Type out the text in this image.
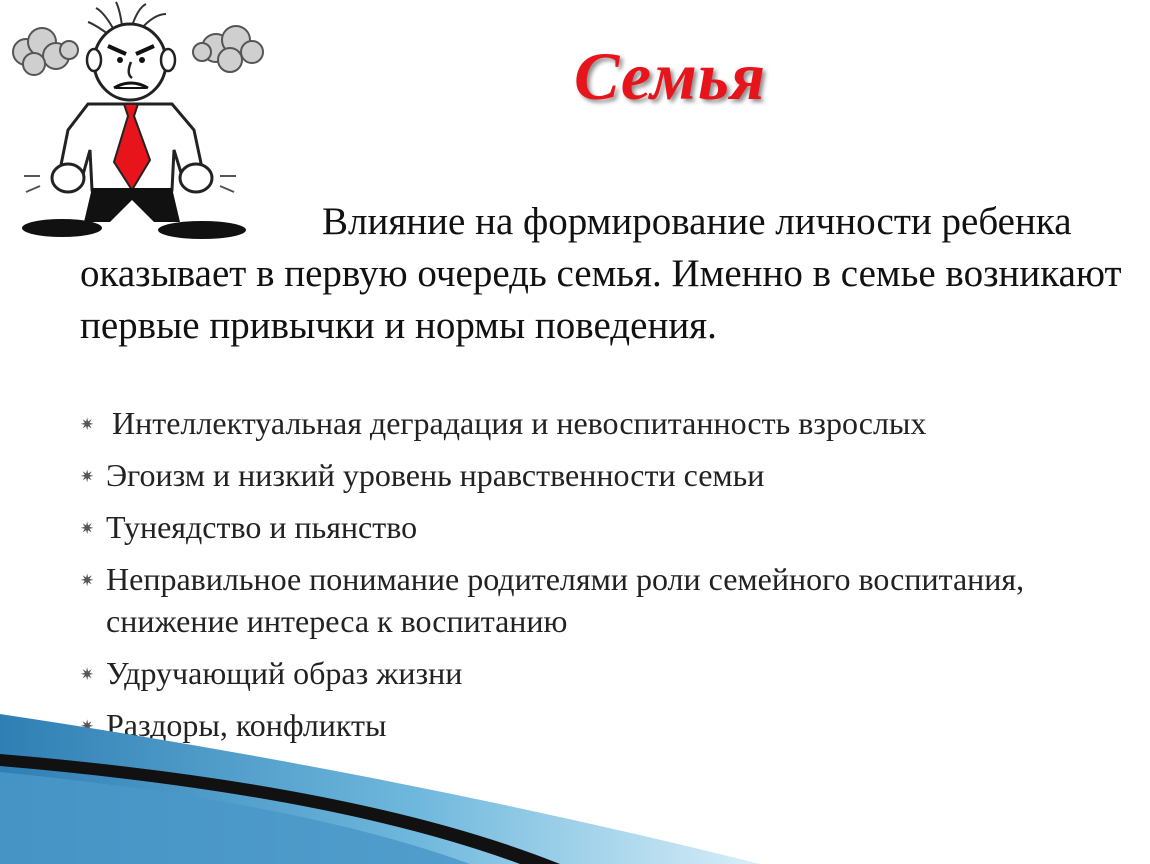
Семья

Влияние на формирование личности ребенка оказывает в первую очередь семья. Именно в семье возникают первые привычки и нормы поведения.

✷ Интеллектуальная деградация и невоспитанность взрослых
✷ Эгоизм и низкий уровень нравственности семьи
✷ Тунеядство и пьянство
✷ Неправильное понимание родителями роли семейного воспитания, снижение интереса к воспитанию
✷ Удручающий образ жизни
✷ Раздоры, конфликты
